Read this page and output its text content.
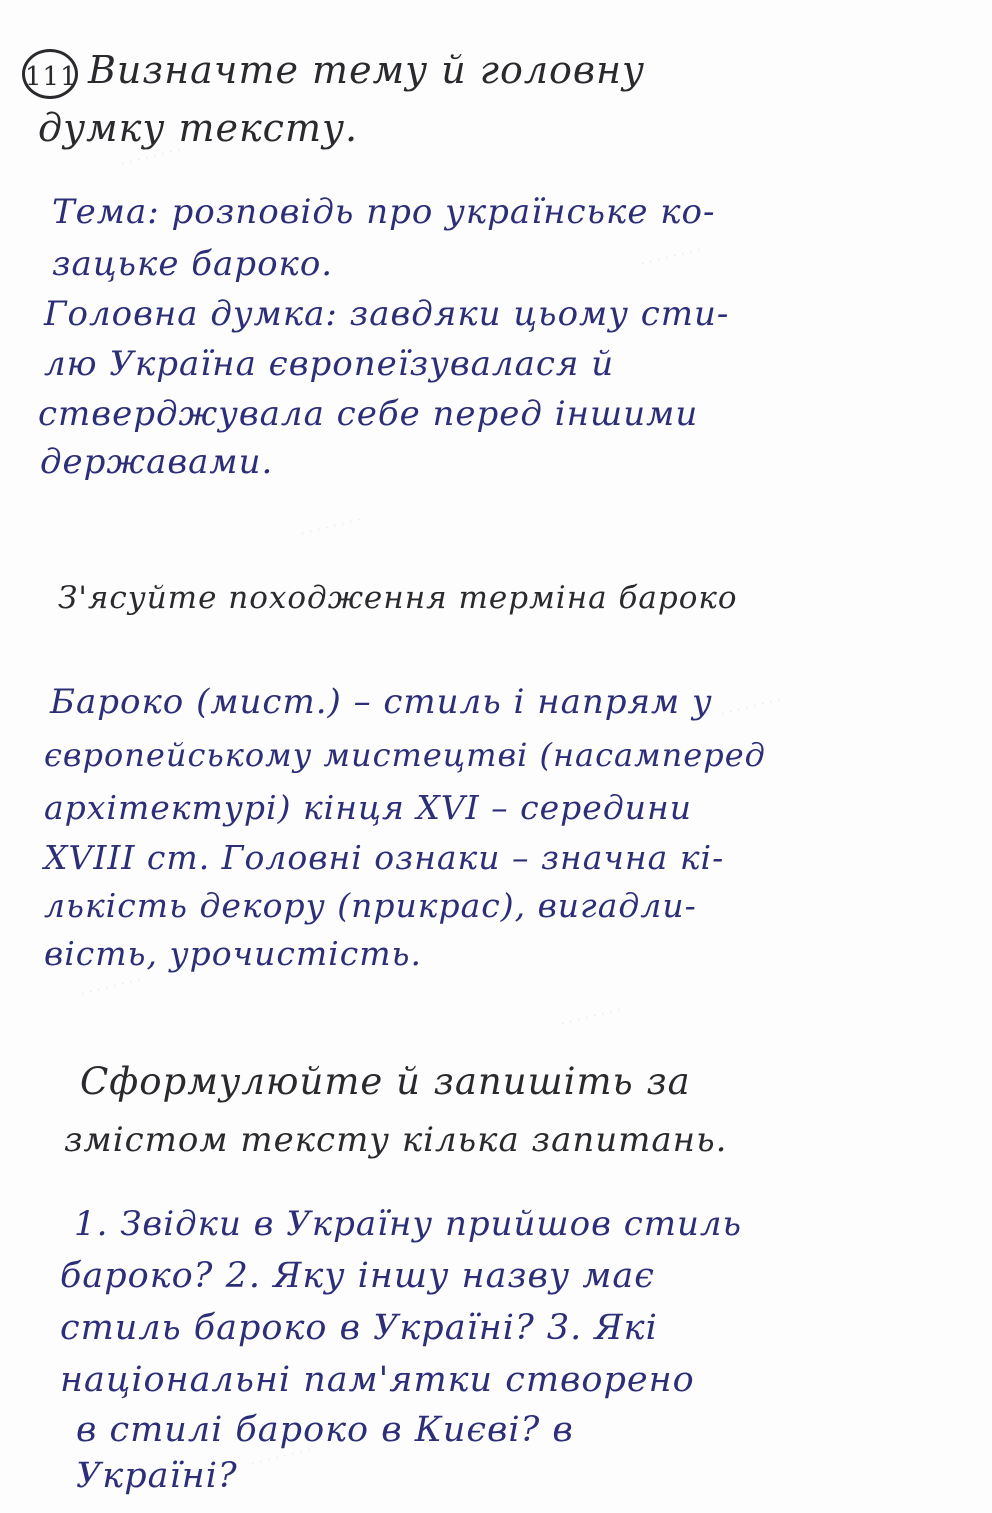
· · · · · · · ·
· · · · · · · ·
· · · · · · · ·
· · · · · · · ·
· · · · · · · ·
· · · · · · · ·
· · · · · · · ·
111 Визначте тему й головну
думку тексту.
Тема: розповідь про українське ко-
зацьке бароко.
Головна думка: завдяки цьому сти-
лю Україна європеїзувалася й
стверджувала себе перед іншими
державами.
З'ясуйте походження терміна бароко
Бароко (мист.) – стиль і напрям у
європейському мистецтві (насамперед
архітектурі) кінця XVI – середини
XVIII ст. Головні ознаки – значна кі-
лькість декору (прикрас), вигадли-
вість, урочистість.
Сформулюйте й запишіть за
змістом тексту кілька запитань.
1. Звідки в Україну прийшов стиль
бароко? 2. Яку іншу назву має
стиль бароко в Україні? 3. Які
національні пам'ятки створено
в стилі бароко в Києві? в
Україні?
